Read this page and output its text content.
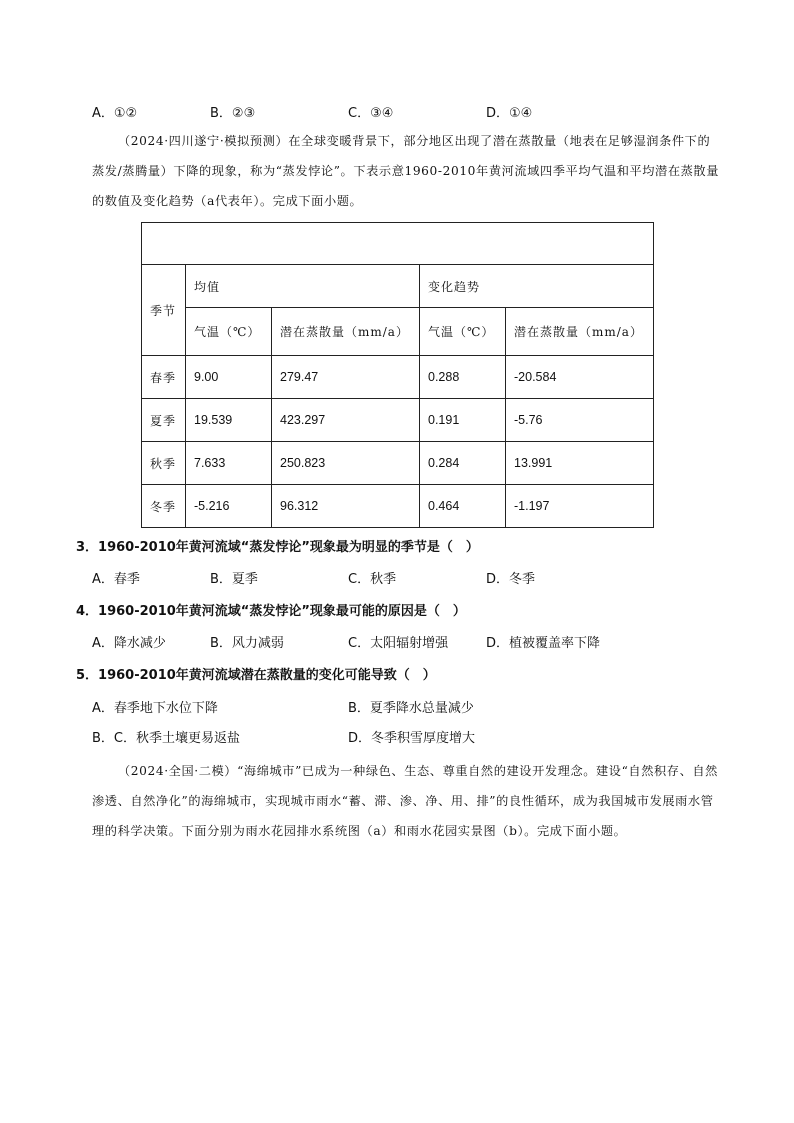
A．①②	B．②③	C．③④	D．①④

（2024·四川遂宁·模拟预测）在全球变暖背景下，部分地区出现了潜在蒸散量（地表在足够湿润条件下的蒸发/蒸腾量）下降的现象，称为“蒸发悖论”。下表示意1960-2010年黄河流域四季平均气温和平均潜在蒸散量的数值及变化趋势（a代表年）。完成下面小题。

季节	均值		变化趋势	
	气温（℃）	潜在蒸散量（mm/a）	气温（℃）	潜在蒸散量（mm/a）
春季	9.00	279.47	0.288	-20.584
夏季	19.539	423.297	0.191	-5.76
秋季	7.633	250.823	0.284	13.991
冬季	-5.216	96.312	0.464	-1.197
3．1960-2010年黄河流域“蒸发悖论”现象最为明显的季节是（　）
A．春季	B．夏季	C．秋季	D．冬季
4．1960-2010年黄河流域“蒸发悖论”现象最可能的原因是（　）
A．降水减少	B．风力减弱	C．太阳辐射增强	D．植被覆盖率下降
5．1960-2010年黄河流域潜在蒸散量的变化可能导致（　）
A．春季地下水位下降	B．夏季降水总量减少
B．C．秋季土壤更易返盐	D．冬季积雪厚度增大

（2024·全国·二模）“海绵城市”已成为一种绿色、生态、尊重自然的建设开发理念。建设“自然积存、自然渗透、自然净化”的海绵城市，实现城市雨水“蓄、滞、渗、净、用、排”的良性循环，成为我国城市发展雨水管理的科学决策。下面分别为雨水花园排水系统图（a）和雨水花园实景图（b）。完成下面小题。
